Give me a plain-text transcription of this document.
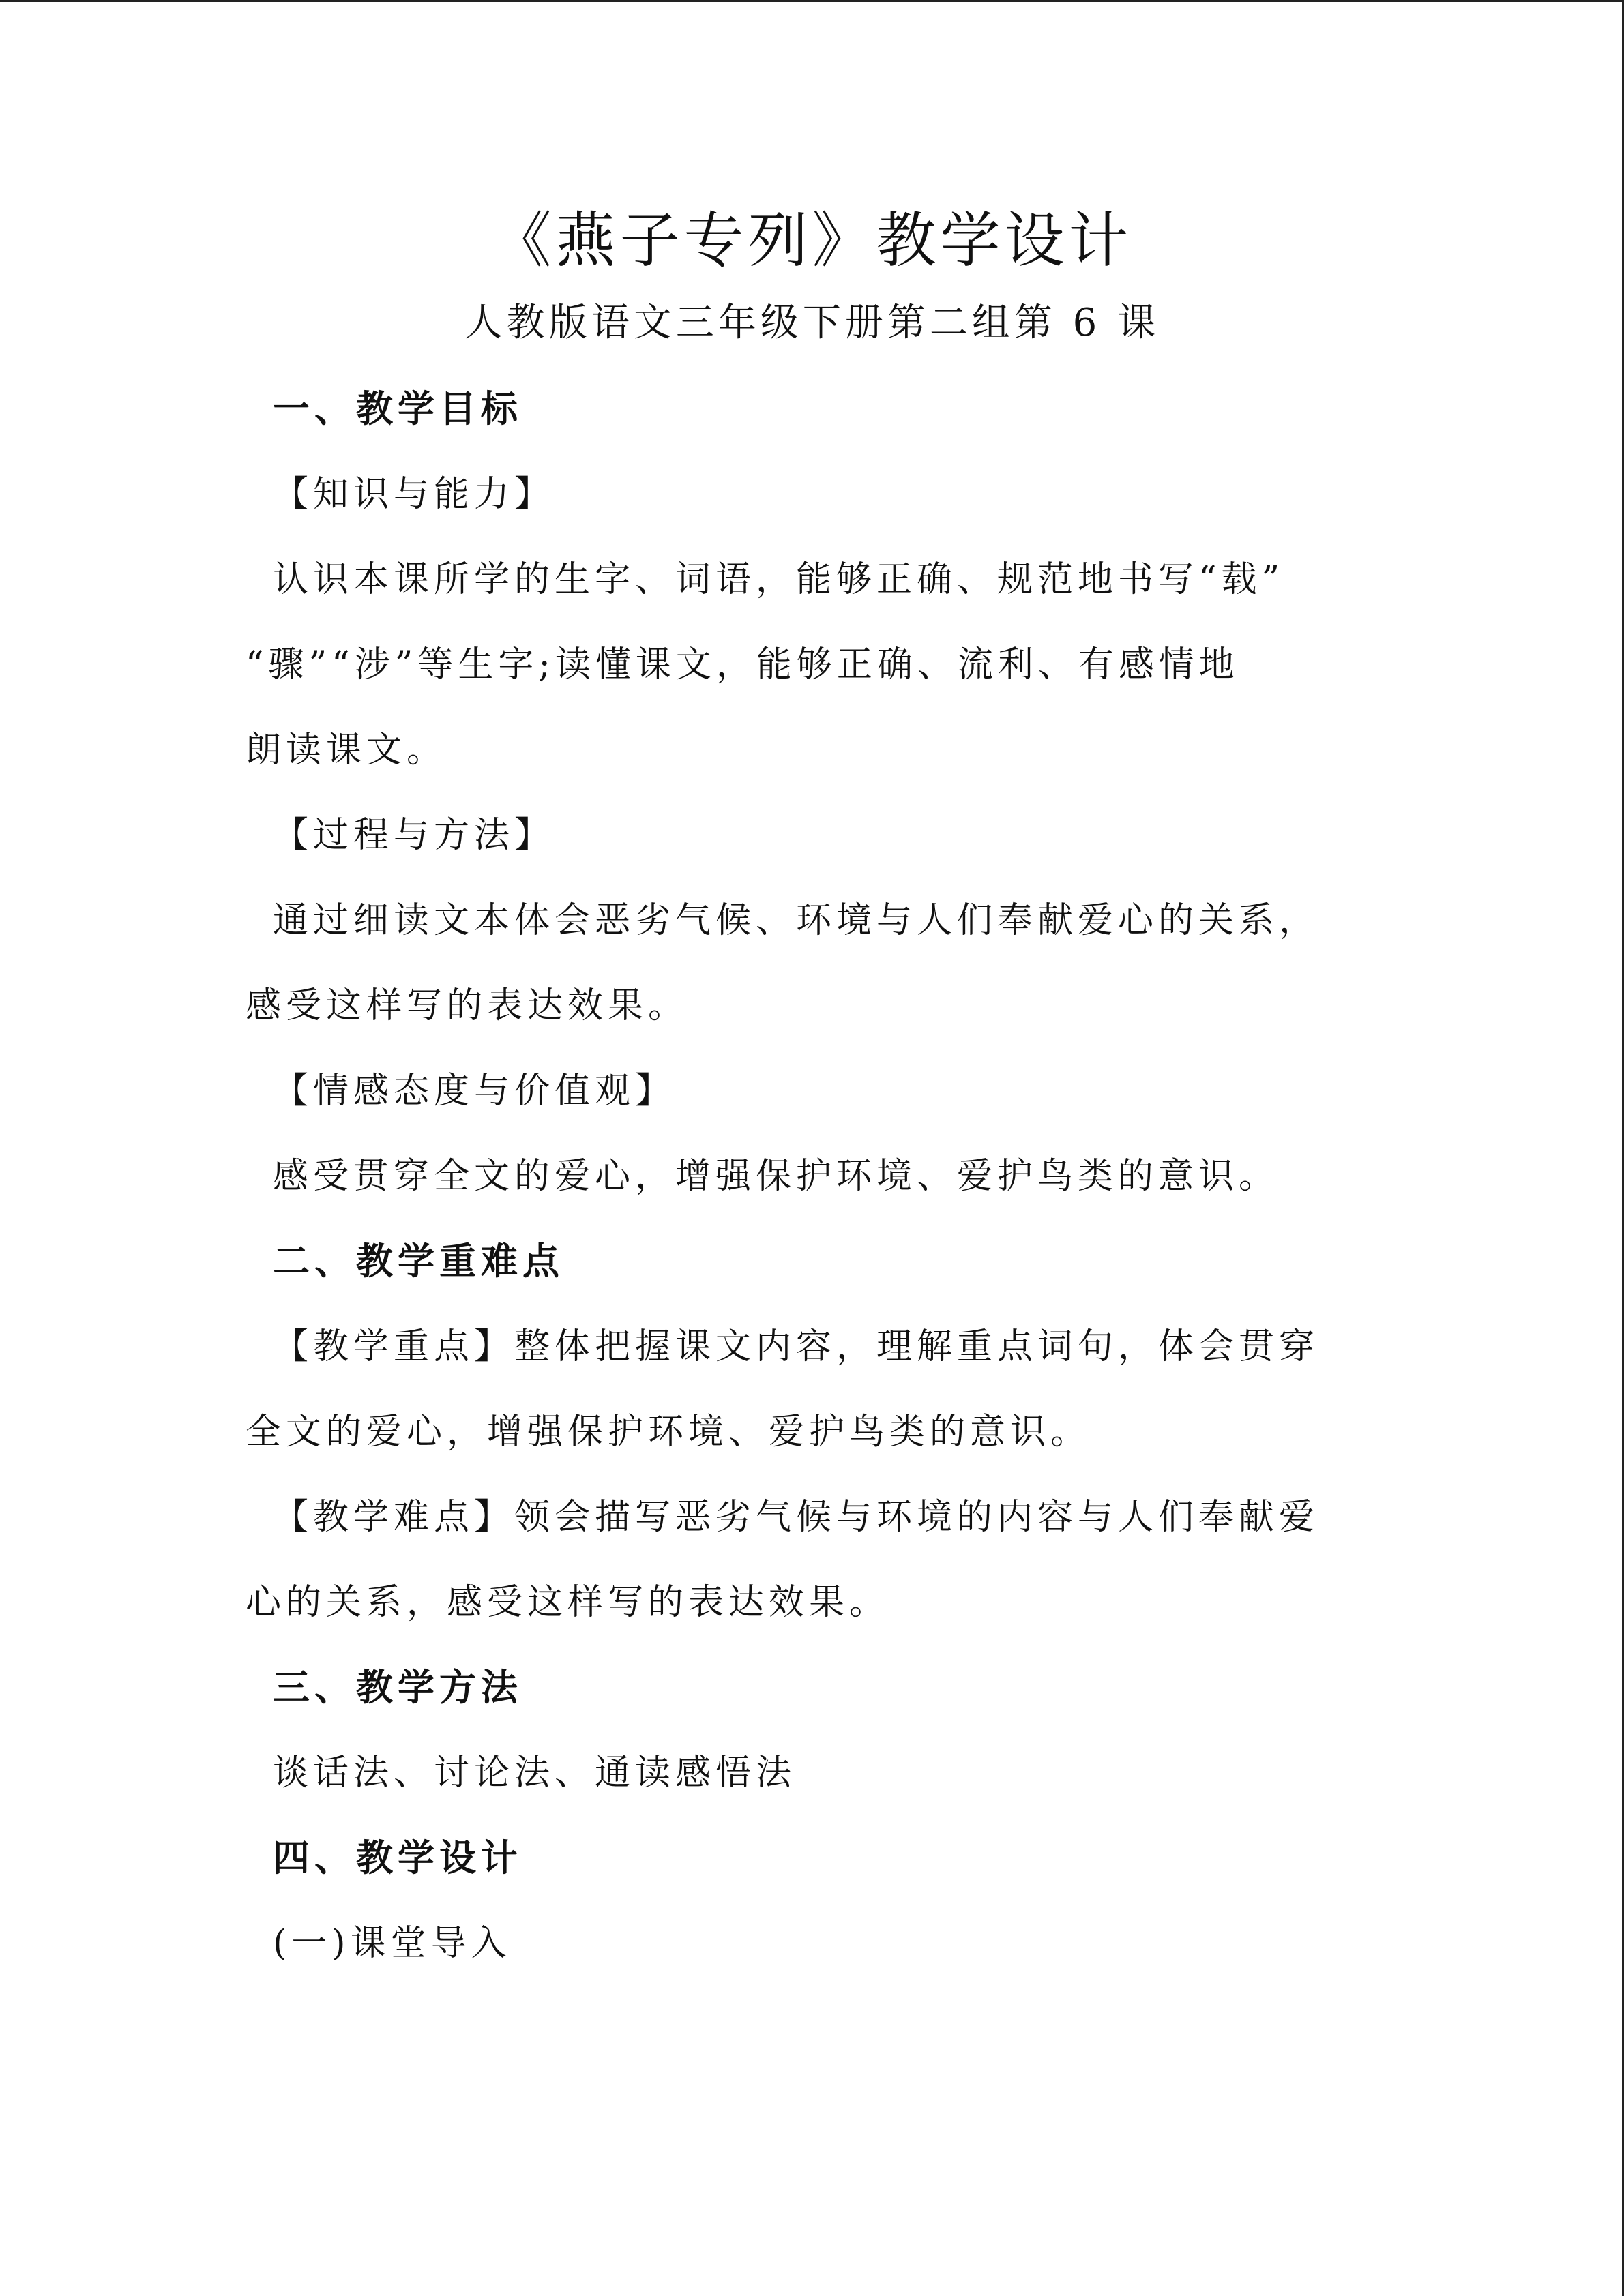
《燕子专列》教学设计
人教版语文三年级下册第二组第 6 课
一、教学目标
【知识与能力】
认识本课所学的生字、词语，能够正确、规范地书写“载”
“骤”“涉”等生字;读懂课文，能够正确、流利、有感情地
朗读课文。
【过程与方法】
通过细读文本体会恶劣气候、环境与人们奉献爱心的关系，
感受这样写的表达效果。
【情感态度与价值观】
感受贯穿全文的爱心，增强保护环境、爱护鸟类的意识。
二、教学重难点
【教学重点】整体把握课文内容，理解重点词句，体会贯穿
全文的爱心，增强保护环境、爱护鸟类的意识。
【教学难点】领会描写恶劣气候与环境的内容与人们奉献爱
心的关系，感受这样写的表达效果。
三、教学方法
谈话法、讨论法、通读感悟法
四、教学设计
(一)课堂导入
